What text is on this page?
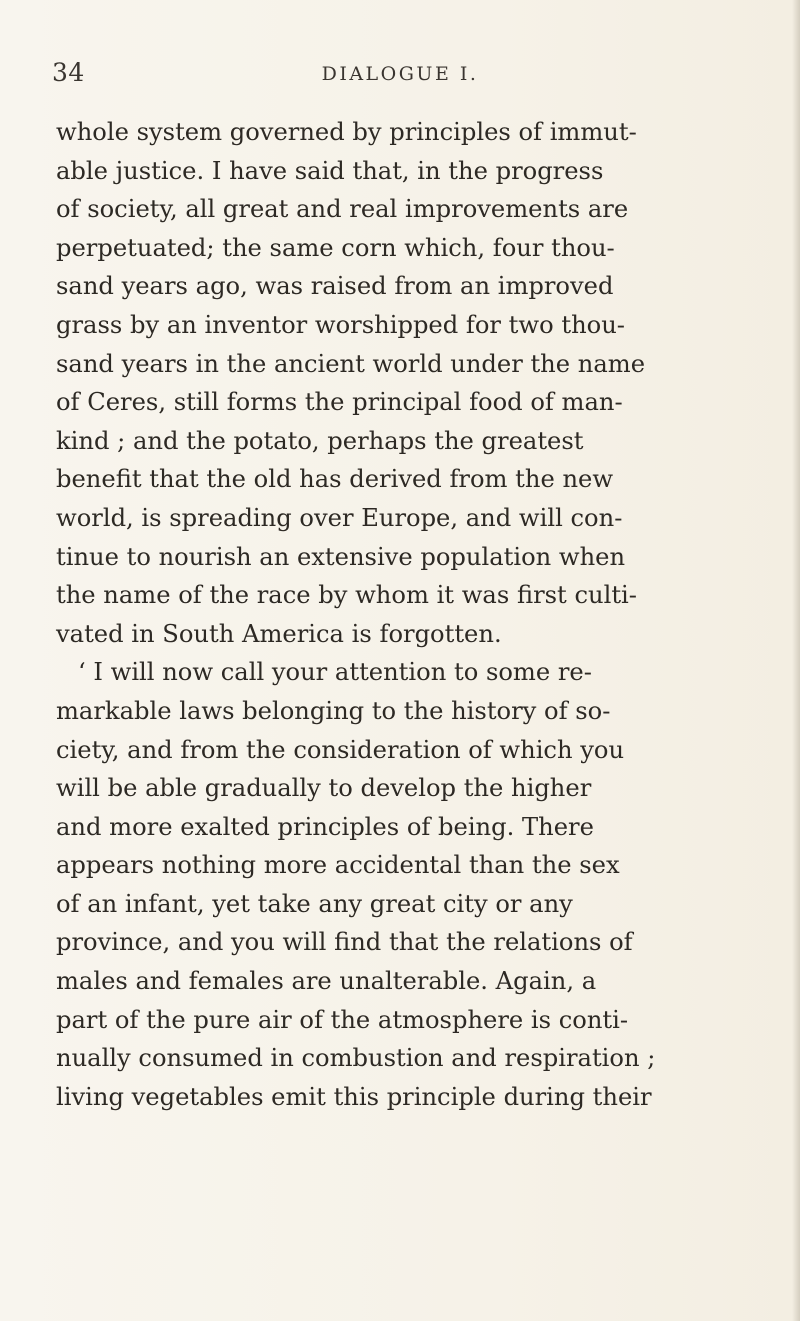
34	DIALOGUE I.
whole system governed by principles of immut-
able justice. I have said that, in the progress
of society, all great and real improvements are
perpetuated; the same corn which, four thou-
sand years ago, was raised from an improved
grass by an inventor worshipped for two thou-
sand years in the ancient world under the name
of Ceres, still forms the principal food of man-
kind ; and the potato, perhaps the greatest
benefit that the old has derived from the new
world, is spreading over Europe, and will con-
tinue to nourish an extensive population when
the name of the race by whom it was first culti-
vated in South America is forgotten.
‘ I will now call your attention to some re-
markable laws belonging to the history of so-
ciety, and from the consideration of which you
will be able gradually to develop the higher
and more exalted principles of being. There
appears nothing more accidental than the sex
of an infant, yet take any great city or any
province, and you will find that the relations of
males and females are unalterable. Again, a
part of the pure air of the atmosphere is conti-
nually consumed in combustion and respiration ;
living vegetables emit this principle during their
